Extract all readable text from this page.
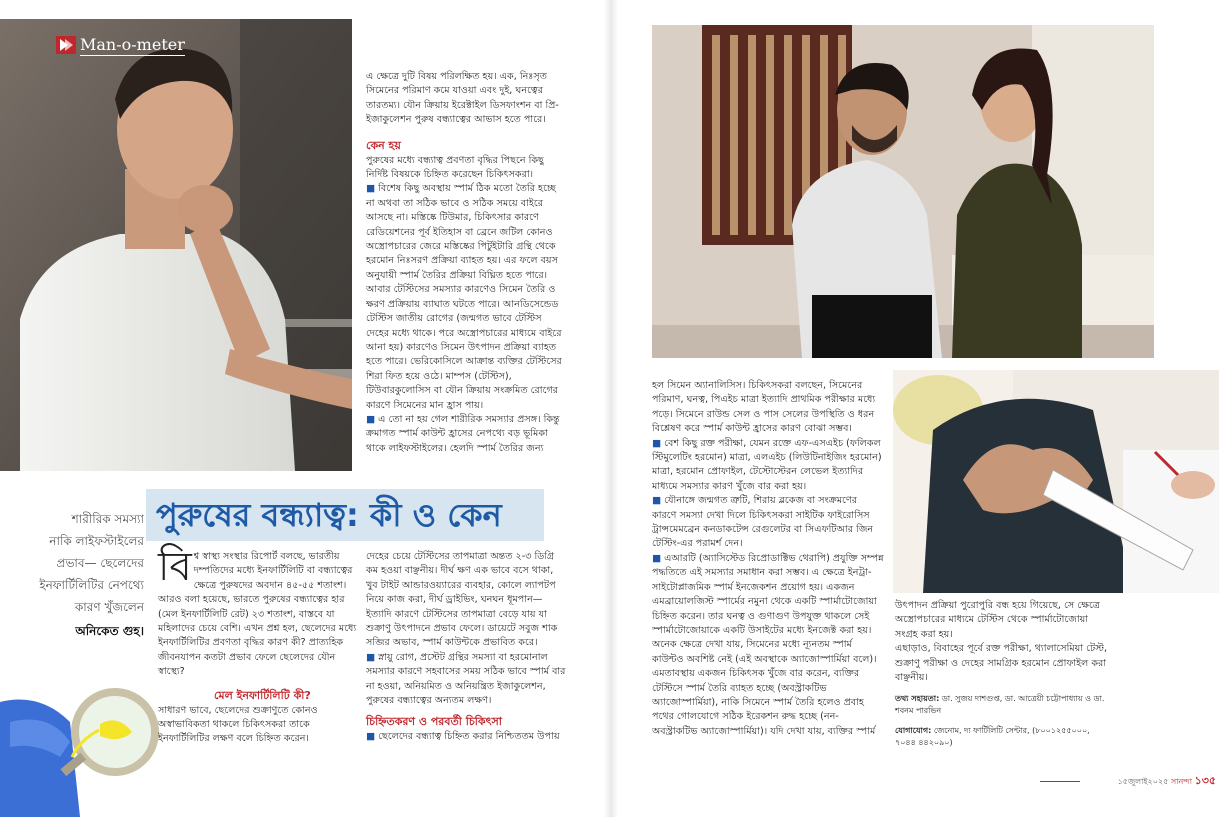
Man-o-meter
পুরুষের বন্ধ্যাত্ব: কী ও কেন
শারীরিক সমস্যা
নাকি লাইফস্টাইলের
প্রভাব— ছেলেদের
ইনফার্টিলিটির নেপথ্যে
কারণ খুঁজলেন
অনিকেত গুহ।

বি শ্ব স্বাস্থ্য সংস্থার রিপোর্ট বলছে, ভারতীয় দম্পতিদের মধ্যে ইনফার্টিলিটি বা বন্ধ্যাত্বের ক্ষেত্রে পুরুষদের অবদান ৪৫-৫৫ শতাংশ। আরও বলা হয়েছে, ভারতে পুরুষের বন্ধ্যাত্বের হার (মেল ইনফার্টিলিটি রেট) ২৩ শতাংশ, বাস্তবে যা মহিলাদের চেয়ে বেশি। এখন প্রশ্ন হল, ছেলেদের মধ্যে ইনফার্টিলিটির প্রবণতা বৃদ্ধির কারণ কী? প্রাত্যহিক জীবনযাপন কতটা প্রভাব ফেলে ছেলেদের যৌন স্বাস্থ্যে?

মেল ইনফার্টিলিটি কী?

সাধারণ ভাবে, ছেলেদের শুক্রাণুতে কোনও অস্বাভাবিকতা থাকলে চিকিৎসকরা তাকে ইনফার্টিলিটির লক্ষণ বলে চিহ্নিত করেন।

এ ক্ষেত্রে দুটি বিষয় পরিলক্ষিত হয়। এক, নিঃসৃত সিমেনের পরিমাণ কমে যাওয়া এবং দুই, ঘনত্বের তারতম্য। যৌন ক্রিয়ায় ইরেক্টাইল ডিসফাংশন বা প্রি-ইজাকুলেশন পুরুষ বন্ধ্যাত্বের আভাস হতে পারে।

কেন হয়

পুরুষের মধ্যে বন্ধ্যাত্ব প্রবণতা বৃদ্ধির পিছনে কিছু নির্দিষ্ট বিষয়কে চিহ্নিত করেছেন চিকিৎসকরা।

■ বিশেষ কিছু অবস্থায় স্পার্ম ঠিক মতো তৈরি হচ্ছে না অথবা তা সঠিক ভাবে ও সঠিক সময়ে বাইরে আসছে না। মস্তিষ্কে টিউমার, চিকিৎসার কারণে রেডিয়েশনের পূর্ব ইতিহাস বা ব্রেনে জটিল কোনও অস্ত্রোপচারের জেরে মস্তিষ্কের পিটুইটারি গ্রন্থি থেকে হরমোন নিঃসরণ প্রক্রিয়া ব্যাহত হয়। এর ফলে বয়স অনুযায়ী স্পার্ম তৈরির প্রক্রিয়া বিঘ্নিত হতে পারে।

আবার টেস্টিসের সমস্যার কারণেও সিমেন তৈরি ও ক্ষরণ প্রক্রিয়ায় ব্যাঘাত ঘটতে পারে। আনডিসেন্ডেড টেস্টিস জাতীয় রোগের (জন্মগত ভাবে টেস্টিস দেহের মধ্যে থাকে। পরে অস্ত্রোপচারের মাধ্যমে বাইরে আনা হয়) কারণেও সিমেন উৎপাদন প্রক্রিয়া ব্যাহত হতে পারে। ভেরিকোসিলে আক্রান্ত ব্যক্তির টেস্টিসের শিরা ফিত হয়ে ওঠে। মাম্পস (টেস্টিস), টিউবারকুলোসিস বা যৌন ক্রিয়ায় সংক্রমিত রোগের কারণে সিমেনের মান হ্রাস পায়।

■ এ তো না হয় গেল শারীরিক সমস্যার প্রসঙ্গ। কিন্তু ক্রমাগত স্পার্ম কাউন্ট হ্রাসের নেপথ্যে বড় ভূমিকা থাকে লাইফস্টাইলের। হেলদি স্পার্ম তৈরির জন্য

দেহের চেয়ে টেস্টিসের তাপমাত্রা অন্তত ২-৩ ডিগ্রি কম হওয়া বাঞ্ছনীয়। দীর্ঘ ক্ষণ এক ভাবে বসে থাকা, খুব টাইট আন্ডারওয়্যারের ব্যবহার, কোলে ল্যাপটপ নিয়ে কাজ করা, দীর্ঘ ড্রাইভিং, ঘনঘন ধূমপান— ইত্যাদি কারণে টেস্টিসের তাপমাত্রা বেড়ে যায় যা শুক্রাণু উৎপাদনে প্রভাব ফেলে। ডায়েটে সবুজ শাক সব্জির অভাব, স্পার্ম কাউন্টকে প্রভাবিত করে।

■ স্নায়ু রোগ, প্রস্টেট গ্রন্থির সমস্যা বা হরমোনাল সমস্যার কারণে সহবাসের সময় সঠিক ভাবে স্পার্ম বার না হওয়া, অনিয়মিত ও অনিয়ন্ত্রিত ইজাকুলেশন, পুরুষের বন্ধ্যাত্বের অন্যতম লক্ষণ।

চিহ্নিতকরণ ও পরবর্তী চিকিৎসা

■ ছেলেদের বন্ধ্যাত্ব চিহ্নিত করার নিশ্চিততম উপায়

হল সিমেন অ্যানালিসিস। চিকিৎসকরা বলছেন, সিমেনের পরিমাণ, ঘনত্ব, পিএইচ মাত্রা ইত্যাদি প্রাথমিক পরীক্ষার মধ্যে পড়ে। সিমেনে রাউন্ড সেল ও পাস সেলের উপস্থিতি ও ধরন বিশ্লেষণ করে স্পার্ম কাউন্ট হ্রাসের কারণ বোঝা সম্ভব।

■ বেশ কিছু রক্ত পরীক্ষা, যেমন রক্তে এফ-এসএইচ (ফলিকল স্টিমুলেটিং হরমোন) মাত্রা, এলএইচ (লিউটিনাইজিং হরমোন) মাত্রা, হরমোন প্রোফাইল, টেস্টোস্টেরন লেভেল ইত্যাদির মাধ্যমে সমস্যার কারণ খুঁজে বার করা হয়।

■ যৌনাঙ্গে জন্মগত ত্রুটি, শিরায় ব্লকেজ বা সংক্রমণের কারণে সমস্যা দেখা দিলে চিকিৎসকরা সাইটিক ফাইরোসিস ট্রান্সমেমব্রেন কনডাকটেন্স রেগুলেটর বা সিএফটিআর জিন টেস্টিং-এর পরামর্শ দেন।

■ এআরটি (অ্যাসিস্টেড রিপ্রোডাক্টিভ থেরাপি) প্রযুক্তি সম্পন্ন পদ্ধতিতে এই সমস্যার সমাধান করা সম্ভব। এ ক্ষেত্রে ইনট্রা-সাইটোপ্লাজমিক স্পার্ম ইনজেকশন প্রয়োগ হয়। একজন এমব্রায়োলজিস্ট স্পার্মের নমুনা থেকে একটি স্পার্মাটোজোয়া চিহ্নিত করেন। তার ঘনত্ব ও গুণাগুণ উপযুক্ত থাকলে সেই স্পার্মাটোজোয়াকে একটি উসাইটের মধ্যে ইনজেক্ট করা হয়।

অনেক ক্ষেত্রে দেখা যায়, সিমেনের মধ্যে ন্যূনতম স্পার্ম কাউন্টও অবশিষ্ট নেই (এই অবস্থাকে অ্যাজোস্পার্মিয়া বলে)। এমতাবস্থায় একজন চিকিৎসক খুঁজে বার করেন, ব্যক্তির টেস্টিসে স্পার্ম তৈরি ব্যাহত হচ্ছে (অবস্ট্রাকটিভ অ্যাজোস্পার্মিয়া), নাকি সিমেনে স্পার্ম তৈরি হলেও প্রবাহ পথের গোলযোগে সঠিক ইরেকশন রুদ্ধ হচ্ছে (নন-অবস্ট্রাকটিভ অ্যাজোস্পার্মিয়া)। যদি দেখা যায়, ব্যক্তির স্পার্ম

উৎপাদন প্রক্রিয়া পুরোপুরি বন্ধ হয়ে গিয়েছে, সে ক্ষেত্রে অস্ত্রোপচারের মাধ্যমে টেস্টিস থেকে স্পার্মাটোজোয়া সংগ্রহ করা হয়।

এছাড়াও, বিবাহের পূর্বে রক্ত পরীক্ষা, থ্যালাসেমিয়া টেস্ট, শুক্রাণু পরীক্ষা ও দেহের সামগ্রিক হরমোন প্রোফাইল করা বাঞ্ছনীয়।

তথ্য সহায়তা: ডা. সুজয় দাশগুপ্ত, ডা. আত্রেয়ী চট্টোপাধ্যায় ও ডা. শবনম পারভিন

যোগাযোগ: জেনোম, দ্য ফার্টিলিটি সেন্টার, (৮০০১২৫৫০০০, ৭০৪৪ ৪৪২০৯০)

১৫জুলাই২০২৫ সানন্দা ১৩৫
